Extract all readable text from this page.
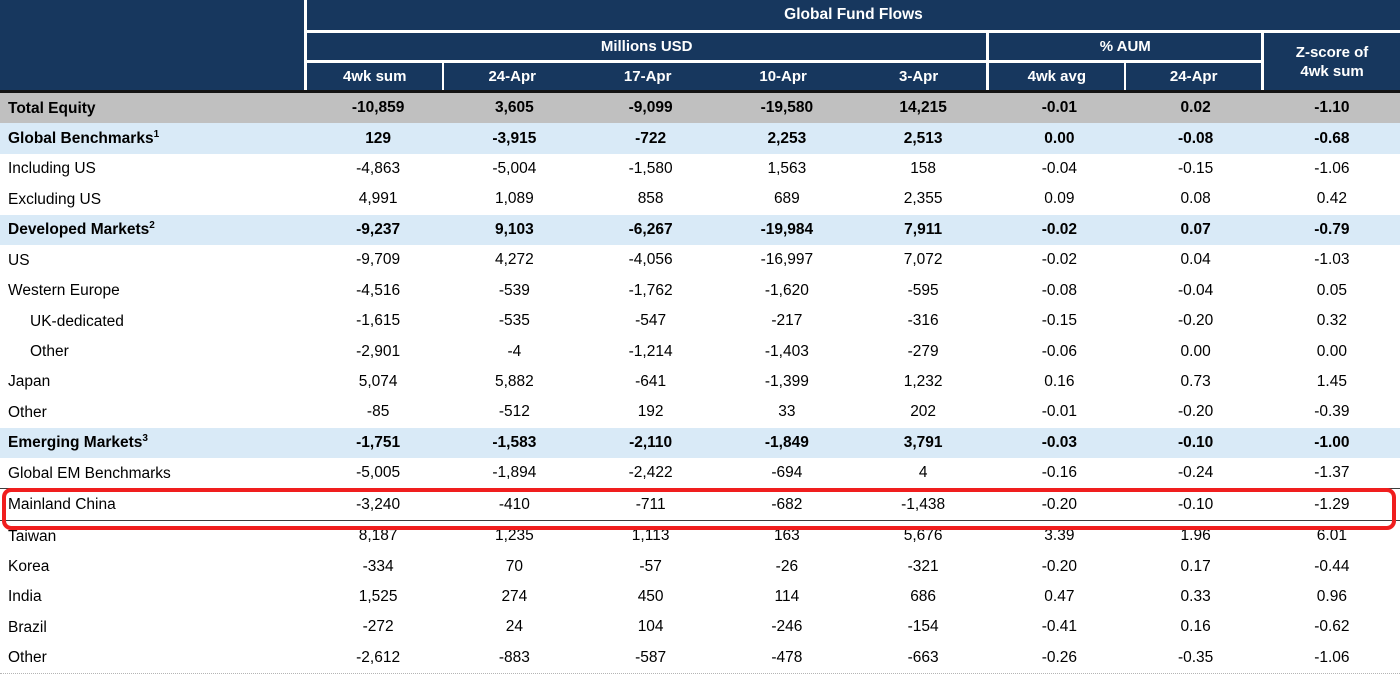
Global Fund Flows
Millions USD
4wk sum	24-Apr	17-Apr	10-Apr	3-Apr
% AUM
4wk avg	24-Apr
Z-score of
4wk sum
Total Equity	-10,859	3,605	-9,099	-19,580	14,215	-0.01	0.02	-1.10
Global Benchmarks$^1$	129	-3,915	-722	2,253	2,513	0.00	-0.08	-0.68
Including US	-4,863	-5,004	-1,580	1,563	158	-0.04	-0.15	-1.06
Excluding US	4,991	1,089	858	689	2,355	0.09	0.08	0.42
Developed Markets$^2$	-9,237	9,103	-6,267	-19,984	7,911	-0.02	0.07	-0.79
US	-9,709	4,272	-4,056	-16,997	7,072	-0.02	0.04	-1.03
Western Europe	-4,516	-539	-1,762	-1,620	-595	-0.08	-0.04	0.05
UK-dedicated	-1,615	-535	-547	-217	-316	-0.15	-0.20	0.32
Other	-2,901	-4	-1,214	-1,403	-279	-0.06	0.00	0.00
Japan	5,074	5,882	-641	-1,399	1,232	0.16	0.73	1.45
Other	-85	-512	192	33	202	-0.01	-0.20	-0.39
Emerging Markets$^3$	-1,751	-1,583	-2,110	-1,849	3,791	-0.03	-0.10	-1.00
Global EM Benchmarks	-5,005	-1,894	-2,422	-694	4	-0.16	-0.24	-1.37
Mainland China	-3,240	-410	-711	-682	-1,438	-0.20	-0.10	-1.29
Taiwan	8,187	1,235	1,113	163	5,676	3.39	1.96	6.01
Korea	-334	70	-57	-26	-321	-0.20	0.17	-0.44
India	1,525	274	450	114	686	0.47	0.33	0.96
Brazil	-272	24	104	-246	-154	-0.41	0.16	-0.62
Other	-2,612	-883	-587	-478	-663	-0.26	-0.35	-1.06
